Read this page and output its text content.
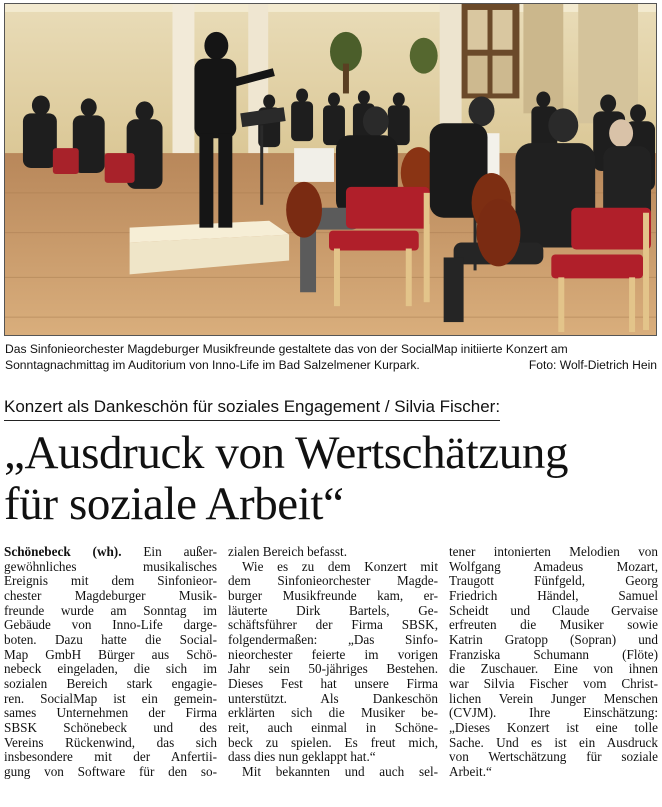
Das Sinfonieorchester Magdeburger Musikfreunde gestaltete das von der SocialMap initiierte Konzert am
Sonntagnachmittag im Auditorium von Inno-Life im Bad Salzelmener Kurpark.	Foto: Wolf-Dietrich Hein
Konzert als Dankeschön für soziales Engagement / Silvia Fischer:
„Ausdruck von Wertschätzung
für soziale Arbeit“
Schönebeck (wh). Ein außer-
gewöhnliches musikalisches
Ereignis mit dem Sinfonieor-
chester Magdeburger Musik-
freunde wurde am Sonntag im
Gebäude von Inno-Life darge-
boten. Dazu hatte die Social-
Map GmbH Bürger aus Schö-
nebeck eingeladen, die sich im
sozialen Bereich stark engagie-
ren. SocialMap ist ein gemein-
sames Unternehmen der Firma
SBSK Schönebeck und des
Vereins Rückenwind, das sich
insbesondere mit der Anfertii-
gung von Software für den so-
zialen Bereich befasst.
Wie es zu dem Konzert mit
dem Sinfonieorchester Magde-
burger Musikfreunde kam, er-
läuterte Dirk Bartels, Ge-
schäftsführer der Firma SBSK,
folgendermaßen: „Das Sinfo-
nieorchester feierte im vorigen
Jahr sein 50-jähriges Bestehen.
Dieses Fest hat unsere Firma
unterstützt. Als Dankeschön
erklärten sich die Musiker be-
reit, auch einmal in Schöne-
beck zu spielen. Es freut mich,
dass dies nun geklappt hat.“
Mit bekannten und auch sel-
tener intonierten Melodien von
Wolfgang Amadeus Mozart,
Traugott Fünfgeld, Georg
Friedrich Händel, Samuel
Scheidt und Claude Gervaise
erfreuten die Musiker sowie
Katrin Gratopp (Sopran) und
Franziska Schumann (Flöte)
die Zuschauer. Eine von ihnen
war Silvia Fischer vom Christ-
lichen Verein Junger Menschen
(CVJM). Ihre Einschätzung:
„Dieses Konzert ist eine tolle
Sache. Und es ist ein Ausdruck
von Wertschätzung für soziale
Arbeit.“
